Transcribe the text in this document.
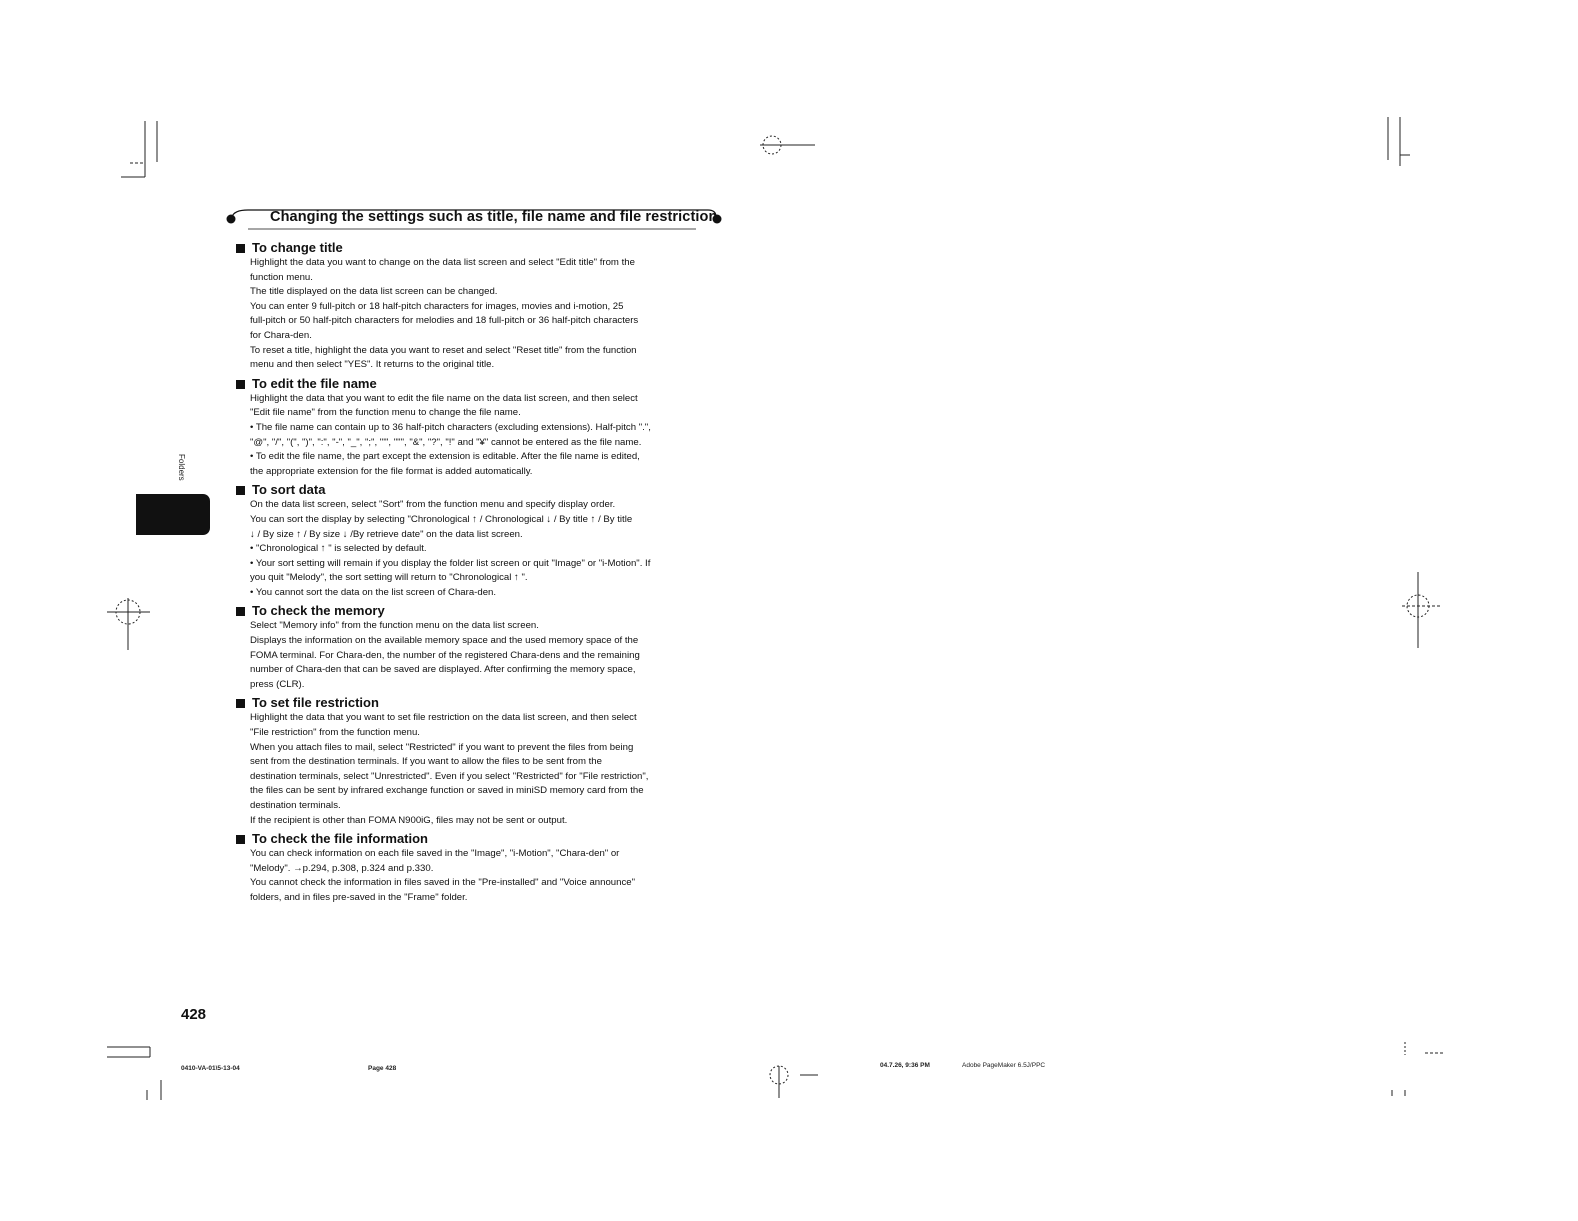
Changing the settings such as title, file name and file restriction
Folders

To change title

Highlight the data you want to change on the data list screen and select "Edit title" from the

function menu.

The title displayed on the data list screen can be changed.

You can enter 9 full-pitch or 18 half-pitch characters for images, movies and i-motion, 25

full-pitch or 50 half-pitch characters for melodies and 18 full-pitch or 36 half-pitch characters

for Chara-den.

To reset a title, highlight the data you want to reset and select "Reset title" from the function

menu and then select "YES". It returns to the original title.

To edit the file name

Highlight the data that you want to edit the file name on the data list screen, and then select

"Edit file name" from the function menu to change the file name.

• The file name can contain up to 36 half-pitch characters (excluding extensions). Half-pitch ".",

"@", "/", "(", ")", ":", "-", "_", ";", "'", """, "&", "?", "!" and "¥" cannot be entered as the file name.

• To edit the file name, the part except the extension is editable. After the file name is edited,

the appropriate extension for the file format is added automatically.

To sort data

On the data list screen, select "Sort" from the function menu and specify display order.

You can sort the display by selecting "Chronological ↑ / Chronological ↓ / By title ↑ / By title

↓ / By size ↑ / By size ↓ /By retrieve date" on the data list screen.

• "Chronological ↑ " is selected by default.

• Your sort setting will remain if you display the folder list screen or quit "Image" or "i-Motion". If

you quit "Melody", the sort setting will return to "Chronological ↑ ".

• You cannot sort the data on the list screen of Chara-den.

To check the memory

Select "Memory info" from the function menu on the data list screen.

Displays the information on the available memory space and the used memory space of the

FOMA terminal. For Chara-den, the number of the registered Chara-dens and the remaining

number of Chara-den that can be saved are displayed. After confirming the memory space,

press (CLR).

To set file restriction

Highlight the data that you want to set file restriction on the data list screen, and then select

"File restriction" from the function menu.

When you attach files to mail, select "Restricted" if you want to prevent the files from being

sent from the destination terminals. If you want to allow the files to be sent from the

destination terminals, select "Unrestricted". Even if you select "Restricted" for "File restriction",

the files can be sent by infrared exchange function or saved in miniSD memory card from the

destination terminals.

If the recipient is other than FOMA N900iG, files may not be sent or output.

To check the file information

You can check information on each file saved in the "Image", "i-Motion", "Chara-den" or

"Melody". →p.294, p.308, p.324 and p.330.

You cannot check the information in files saved in the "Pre-installed" and "Voice announce"

folders, and in files pre-saved in the "Frame" folder.

428
0410-VA-01\5-13-04	Page 428	04.7.26, 9:36 PM	Adobe PageMaker 6.5J/PPC
